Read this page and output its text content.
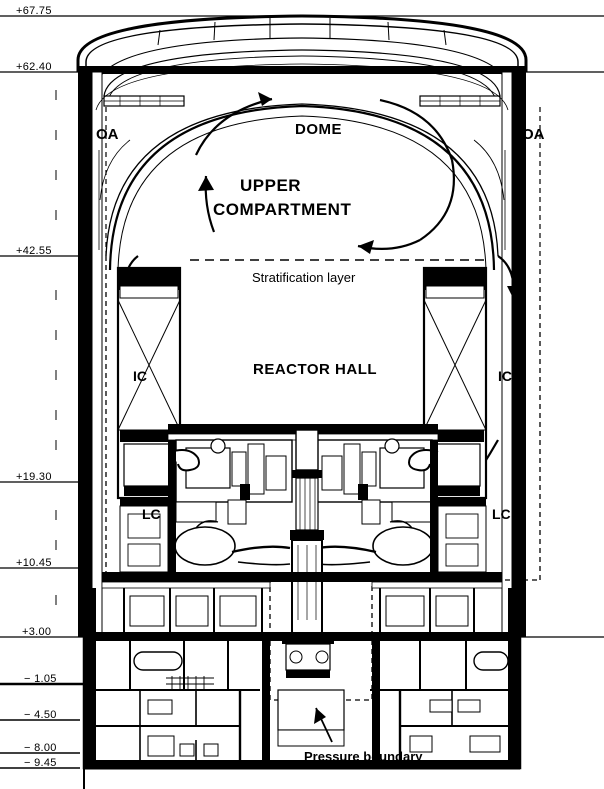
+67.75
+62.40
+42.55
+19.30
+10.45
+3.00
− 1.05
− 4.50
− 8.00
− 9.45
OA	OA
DOME
UPPER
COMPARTMENT
Stratification layer
REACTOR HALL
IC	IC
LC	LC
Pressure boundary
